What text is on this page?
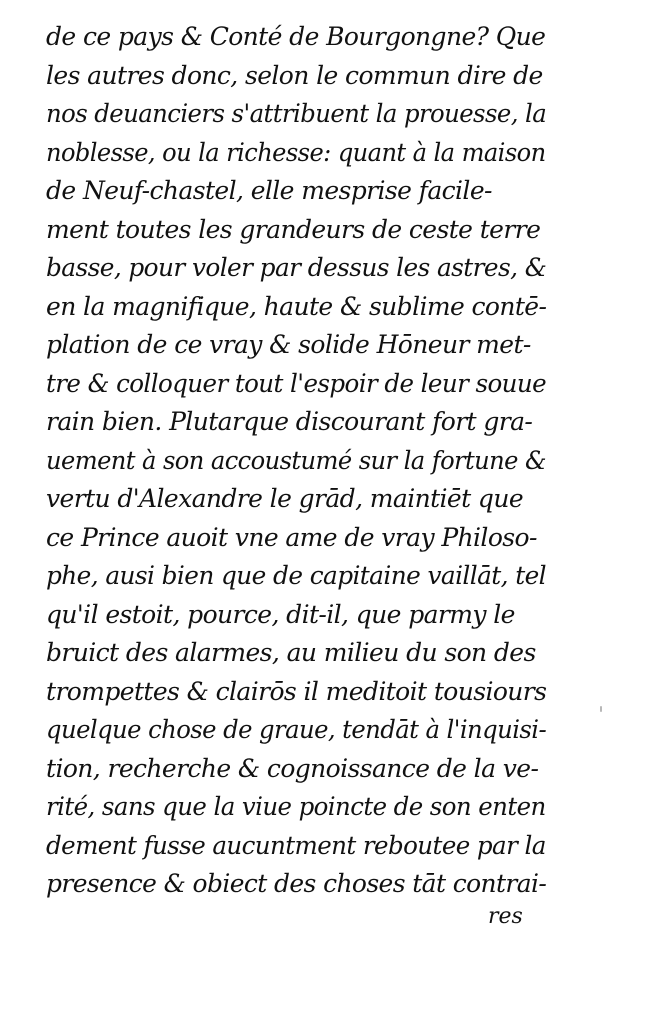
de ce pays & Conté de Bourgongne? Que
les autres donc, selon le commun dire de
nos deuanciers s'attribuent la prouesse, la
noblesse, ou la richesse: quant à la maison
de Neuf-chastel, elle mesprise facile-
ment toutes les grandeurs de ceste terre
basse, pour voler par dessus les astres, &
en la magnifique, haute & sublime contē-
plation de ce vray & solide Hōneur met-
tre & colloquer tout l'espoir de leur souue
rain bien. Plutarque discourant fort gra-
uement à son accoustumé sur la fortune &
vertu d'Alexandre le grād, maintiēt que
ce Prince auoit vne ame de vray Philoso-
phe, ausi bien que de capitaine vaillāt, tel
qu'il estoit, pource, dit-il, que parmy le
bruict des alarmes, au milieu du son des
trompettes & clairōs il meditoit tousiours
quelque chose de graue, tendāt à l'inquisi-
tion, recherche & cognoissance de la ve-
rité, sans que la viue poincte de son enten
dement fusse aucuntment reboutee par la
presence & obiect des choses tāt contrai-
res
